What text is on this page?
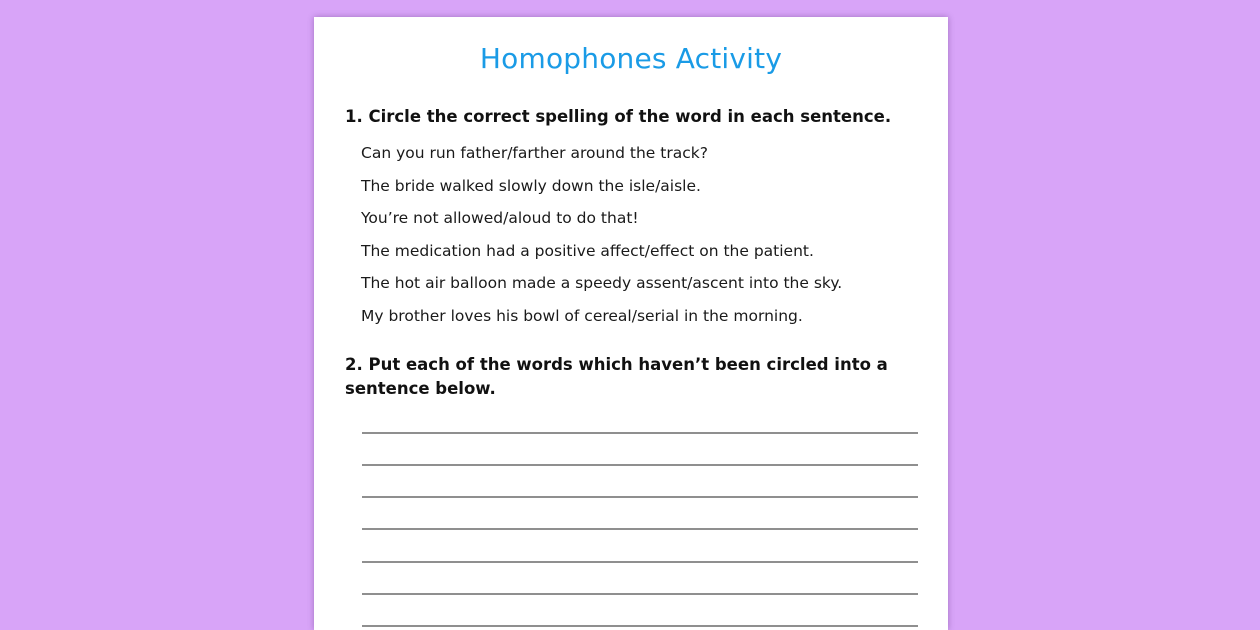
Homophones Activity
1. Circle the correct spelling of the word in each sentence.
Can you run father/farther around the track?
The bride walked slowly down the isle/aisle.
You’re not allowed/aloud to do that!
The medication had a positive affect/effect on the patient.
The hot air balloon made a speedy assent/ascent into the sky.
My brother loves his bowl of cereal/serial in the morning.
2. Put each of the words which haven’t been circled into a sentence below.
